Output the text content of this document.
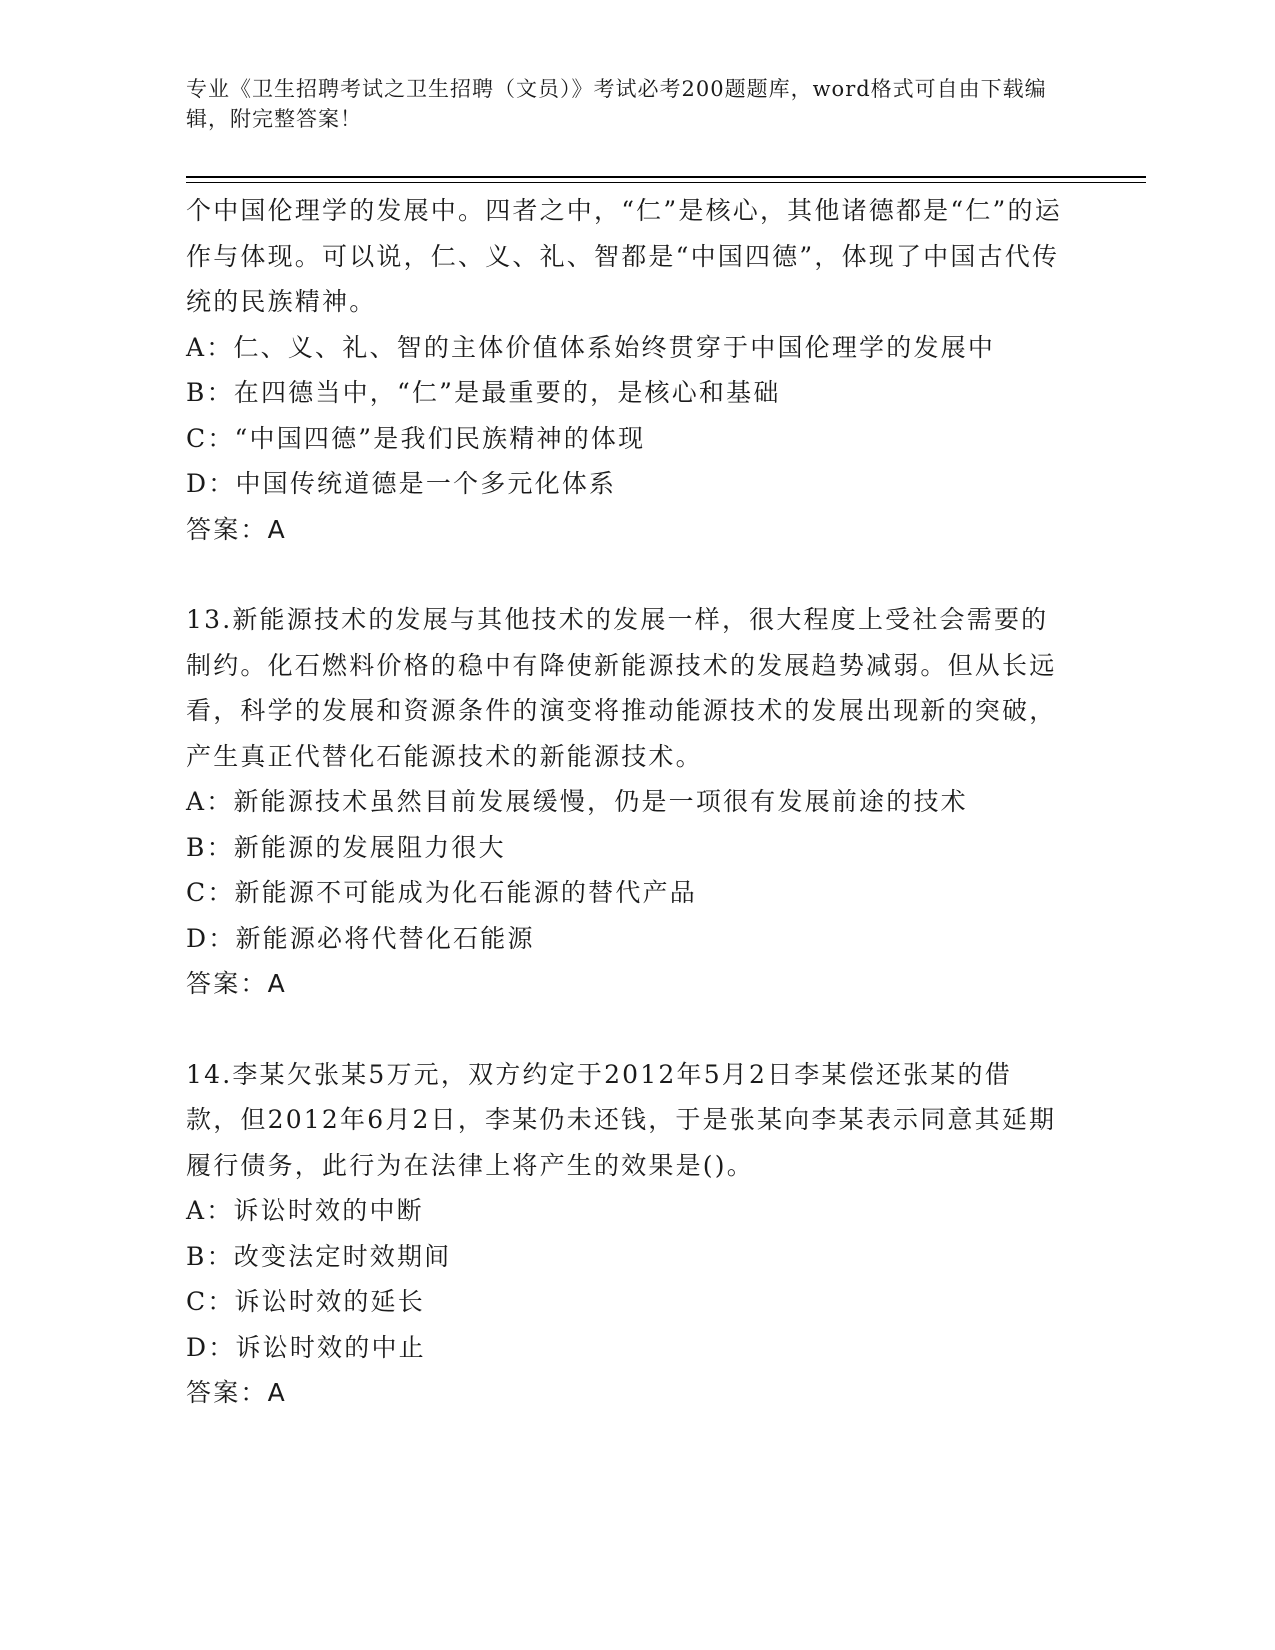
专业《卫生招聘考试之卫生招聘（文员）》考试必考200题题库，word格式可自由下载编辑，附完整答案！
个中国伦理学的发展中。四者之中，“仁”是核心，其他诸德都是“仁”的运作与体现。可以说，仁、义、礼、智都是“中国四德”，体现了中国古代传统的民族精神。
A：仁、义、礼、智的主体价值体系始终贯穿于中国伦理学的发展中
B：在四德当中，“仁”是最重要的，是核心和基础
C：“中国四德”是我们民族精神的体现
D：中国传统道德是一个多元化体系
答案：A
13.新能源技术的发展与其他技术的发展一样，很大程度上受社会需要的制约。化石燃料价格的稳中有降使新能源技术的发展趋势减弱。但从长远看，科学的发展和资源条件的演变将推动能源技术的发展出现新的突破，产生真正代替化石能源技术的新能源技术。
A：新能源技术虽然目前发展缓慢，仍是一项很有发展前途的技术
B：新能源的发展阻力很大
C：新能源不可能成为化石能源的替代产品
D：新能源必将代替化石能源
答案：A
14.李某欠张某5万元，双方约定于2012年5月2日李某偿还张某的借款，但2012年6月2日，李某仍未还钱，于是张某向李某表示同意其延期履行债务，此行为在法律上将产生的效果是()。
A：诉讼时效的中断
B：改变法定时效期间
C：诉讼时效的延长
D：诉讼时效的中止
答案：A
